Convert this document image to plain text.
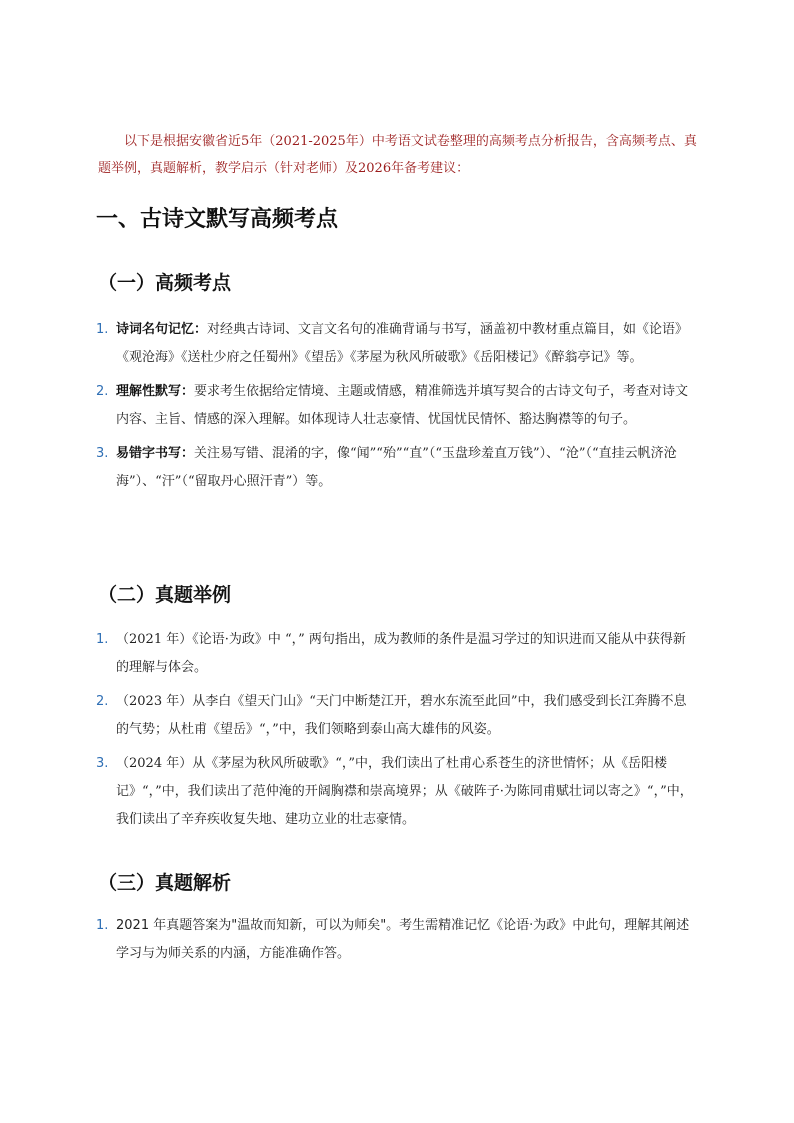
以下是根据安徽省近5年（2021-2025年）中考语文试卷整理的高频考点分析报告，含高频考点、真题举例，真题解析，教学启示（针对老师）及2026年备考建议：
一、古诗文默写高频考点
（一）高频考点
1. 诗词名句记忆：对经典古诗词、文言文名句的准确背诵与书写，涵盖初中教材重点篇目，如《论语》《观沧海》《送杜少府之任蜀州》《望岳》《茅屋为秋风所破歌》《岳阳楼记》《醉翁亭记》等。
2. 理解性默写：要求考生依据给定情境、主题或情感，精准筛选并填写契合的古诗文句子，考查对诗文内容、主旨、情感的深入理解。如体现诗人壮志豪情、忧国忧民情怀、豁达胸襟等的句子。
3. 易错字书写：关注易写错、混淆的字，像“闻”“殆”“直”（“玉盘珍羞直万钱”）、“沧”（“直挂云帆济沧海”）、“汗”（“留取丹心照汗青”）等。
（二）真题举例
1. （2021 年）《论语·为政》中 “，” 两句指出，成为教师的条件是温习学过的知识进而又能从中获得新的理解与体会。
2. （2023 年）从李白《望天门山》“天门中断楚江开，碧水东流至此回”中，我们感受到长江奔腾不息的气势；从杜甫《望岳》“，”中，我们领略到泰山高大雄伟的风姿。
3. （2024 年）从《茅屋为秋风所破歌》“，”中，我们读出了杜甫心系苍生的济世情怀；从《岳阳楼记》“，”中，我们读出了范仲淹的开阔胸襟和崇高境界；从《破阵子·为陈同甫赋壮词以寄之》“，”中，我们读出了辛弃疾收复失地、建功立业的壮志豪情。
（三）真题解析
1. 2021 年真题答案为"温故而知新，可以为师矣"。考生需精准记忆《论语·为政》中此句，理解其阐述学习与为师关系的内涵，方能准确作答。
